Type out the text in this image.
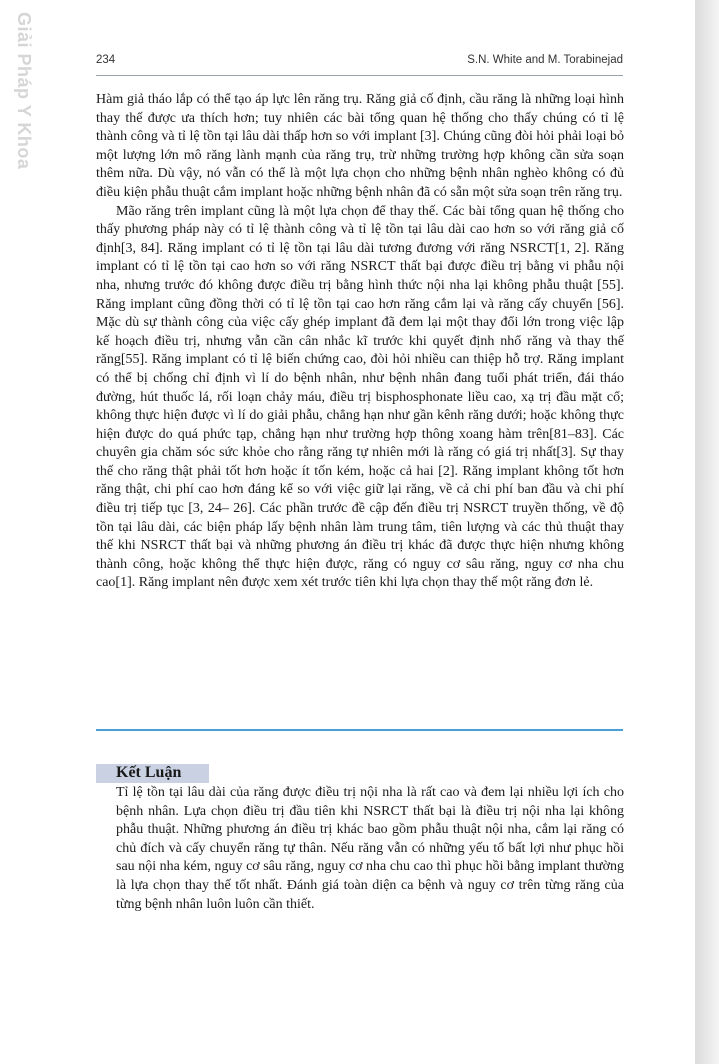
Giải Pháp Y Khoa	234	S.N. White and M. Torabinejad

Hàm giả tháo lắp có thể tạo áp lực lên răng trụ. Răng giả cố định, cầu răng là những loại hình thay thế được ưa thích hơn; tuy nhiên các bài tổng quan hệ thống cho thấy chúng có tỉ lệ thành công và tỉ lệ tồn tại lâu dài thấp hơn so với implant [3]. Chúng cũng đòi hỏi phải loại bỏ một lượng lớn mô răng lành mạnh của răng trụ, trừ những trường hợp không cần sửa soạn thêm nữa. Dù vậy, nó vẫn có thể là một lựa chọn cho những bệnh nhân nghèo không có đủ điều kiện phẫu thuật cắm implant hoặc những bệnh nhân đã có sẵn một sửa soạn trên răng trụ.

Mão răng trên implant cũng là một lựa chọn để thay thế. Các bài tổng quan hệ thống cho thấy phương pháp này có tỉ lệ thành công và tỉ lệ tồn tại lâu dài cao hơn so với răng giả cố định[3, 84]. Răng implant có tỉ lệ tồn tại lâu dài tương đương với răng NSRCT[1, 2]. Răng implant có tỉ lệ tồn tại cao hơn so với răng NSRCT thất bại được điều trị bằng vi phẫu nội nha, nhưng trước đó không được điều trị bằng hình thức nội nha lại không phẫu thuật [55]. Răng implant cũng đồng thời có tỉ lệ tồn tại cao hơn răng cắm lại và răng cấy chuyển [56]. Mặc dù sự thành công của việc cấy ghép implant đã đem lại một thay đổi lớn trong việc lập kế hoạch điều trị, nhưng vẫn cần cân nhắc kĩ trước khi quyết định nhổ răng và thay thế răng[55]. Răng implant có tỉ lệ biến chứng cao, đòi hỏi nhiều can thiệp hỗ trợ. Răng implant có thể bị chống chỉ định vì lí do bệnh nhân, như bệnh nhân đang tuổi phát triển, đái tháo đường, hút thuốc lá, rối loạn chảy máu, điều trị bisphosphonate liều cao, xạ trị đầu mặt cổ; không thực hiện được vì lí do giải phẫu, chẳng hạn như gần kênh răng dưới; hoặc không thực hiện được do quá phức tạp, chẳng hạn như trường hợp thông xoang hàm trên[81–83]. Các chuyên gia chăm sóc sức khỏe cho rằng răng tự nhiên mới là răng có giá trị nhất[3]. Sự thay thế cho răng thật phải tốt hơn hoặc ít tốn kém, hoặc cả hai [2]. Răng implant không tốt hơn răng thật, chi phí cao hơn đáng kể so với việc giữ lại răng, về cả chi phí ban đầu và chi phí điều trị tiếp tục [3, 24– 26]. Các phần trước đề cập đến điều trị NSRCT truyền thống, về độ tồn tại lâu dài, các biện pháp lấy bệnh nhân làm trung tâm, tiên lượng và các thủ thuật thay thế khi NSRCT thất bại và những phương án điều trị khác đã được thực hiện nhưng không thành công, hoặc không thể thực hiện được, răng có nguy cơ sâu răng, nguy cơ nha chu cao[1]. Răng implant nên được xem xét trước tiên khi lựa chọn thay thế một răng đơn lẻ.

Kết Luận

Tỉ lệ tồn tại lâu dài của răng được điều trị nội nha là rất cao và đem lại nhiều lợi ích cho bệnh nhân. Lựa chọn điều trị đầu tiên khi NSRCT thất bại là điều trị nội nha lại không phẫu thuật. Những phương án điều trị khác bao gồm phẫu thuật nội nha, cắm lại răng có chủ đích và cấy chuyển răng tự thân. Nếu răng vẫn có những yếu tố bất lợi như phục hồi sau nội nha kém, nguy cơ sâu răng, nguy cơ nha chu cao thì phục hồi bằng implant thường là lựa chọn thay thế tốt nhất. Đánh giá toàn diện ca bệnh và nguy cơ trên từng răng của từng bệnh nhân luôn luôn cần thiết.
